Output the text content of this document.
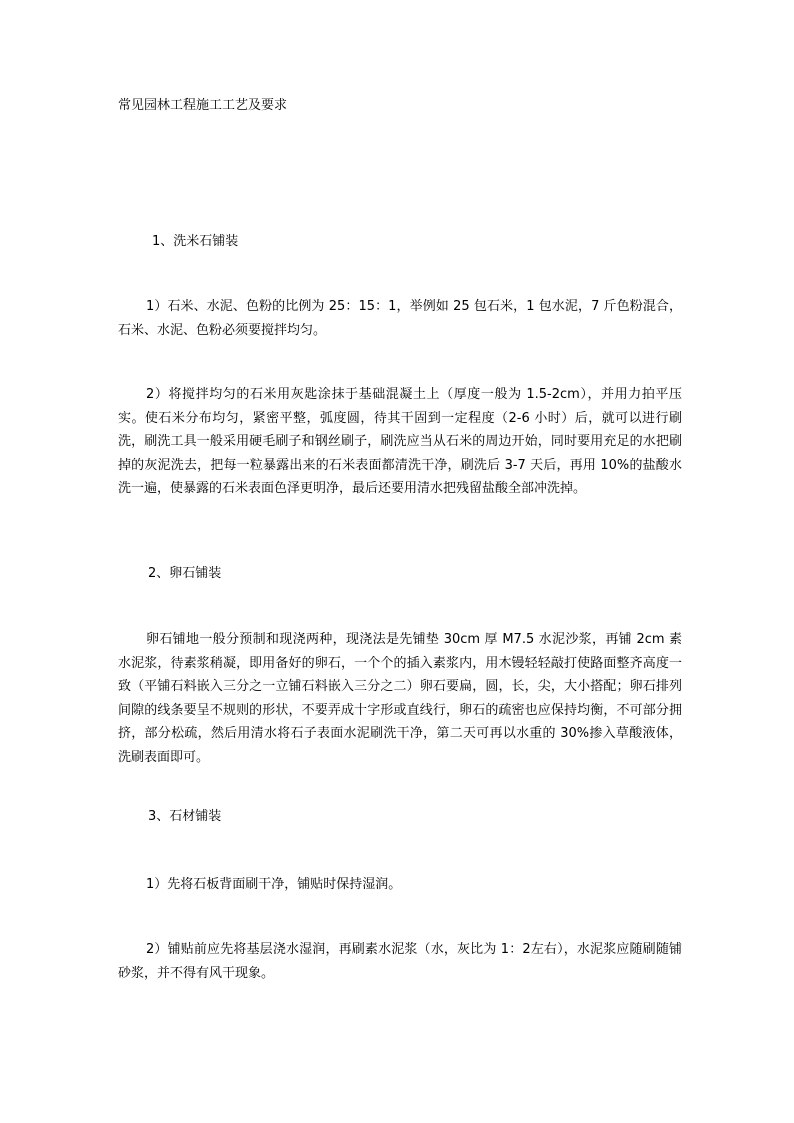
常见园林工程施工工艺及要求
1、洗米石铺装

1）石米、水泥、色粉的比例为 25：15：1，举例如 25 包石米，1 包水泥，7 斤色粉混合，石米、水泥、色粉必须要搅拌均匀。

2）将搅拌均匀的石米用灰匙涂抹于基础混凝土上（厚度一般为 1.5-2cm），并用力拍平压实。使石米分布均匀，紧密平整，弧度圆，待其干固到一定程度（2-6 小时）后，就可以进行刷洗，刷洗工具一般采用硬毛刷子和钢丝刷子，刷洗应当从石米的周边开始，同时要用充足的水把刷掉的灰泥洗去，把每一粒暴露出来的石米表面都清洗干净，刷洗后 3-7 天后，再用 10%的盐酸水洗一遍，使暴露的石米表面色泽更明净，最后还要用清水把残留盐酸全部冲洗掉。

2、卵石铺装

卵石铺地一般分预制和现浇两种，现浇法是先铺垫 30cm 厚 M7.5 水泥沙浆，再铺 2cm 素水泥浆，待素浆稍凝，即用备好的卵石，一个个的插入素浆内，用木镘轻轻敲打使路面整齐高度一致（平铺石料嵌入三分之一立铺石料嵌入三分之二）卵石要扁，圆，长，尖，大小搭配；卵石排列间隙的线条要呈不规则的形状，不要弄成十字形或直线行，卵石的疏密也应保持均衡，不可部分拥挤，部分松疏，然后用清水将石子表面水泥刷洗干净，第二天可再以水重的 30%掺入草酸液体，洗刷表面即可。

3、石材铺装

1）先将石板背面刷干净，铺贴时保持湿润。

2）铺贴前应先将基层浇水湿润，再刷素水泥浆（水，灰比为 1：2左右），水泥浆应随刷随铺砂浆，并不得有风干现象。
